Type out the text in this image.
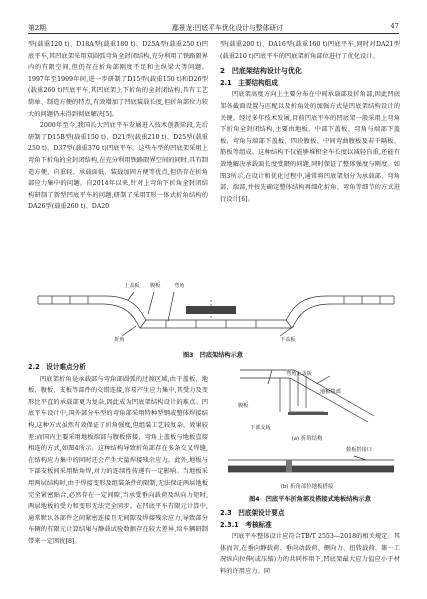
第2期	鄢景龙:凹底平车优化设计与整体研讨	47

型(载重120 t)、D18A型(载重180 t)、D25A型(载重250 t)凹底平车,其凹底架采用双圆弧弯角全封闭结构,充分利用了铁路限界内的有限空间,但仍存在折角部刚度不足和主纵梁大等问题。1997年至1999年间,进一步研制了D15型(载重150 t)和D26型(载重260 t)凹底平车,其凹底架上下折角的全封闭结构,具有工艺简单、制造方便的特点,有效增加了凹底装载长度,但折角部位力较大的问题仍未得到彻底解决[5]。

2000年至今,我国长大凹底平车发展进入技术创新阶段,先后研制了D15B型(载重150 t)、D21型(载重210 t)、D25型(载重250 t)、D37型(载重370 t)凹底平车。这些车型的凹底架采用上弯角下折角的全封闭结构,在充分利用铁路限界空间的同时,具有制造方便、自重轻、承载面低、装载加固方便等优点,但仍存在折角部应力集中的问题。自2014年以来,针对上弯角下折角全封闭结构研制了新型凹底平车的问题,研制了采用T形一体式折角结构的DA26型(载重260 t)、DA20

型(载重200 t)、DA16型(载重160 t)凹底平车,同时对DA21型(载重210 t)凹底平车的凹底架折角部位进行了优化设计。

2　凹底架结构设计与优化

2.1　主要结构组成

凹底架高度方向上主要分布在中间承载部及折角部,因此凹底架各截面设置与匹配以及折角处的加强方式是凹底架结构设计的关键。经过多年技术发展,目前凹底平车的凹底架一般采用上弯角下折角全封闭结构,主要由地板、中部下盖板、弯角与端部下盖板、弯角与端部下盖板、四块腹板、中间弯曲腹板及若干隔板、筋板等组成。这种结构不仅能够堆积全车长度以减轻自重,还能有效地解决承载面长度受限的问题,同时保证了整体强度与刚度。如图3所示,在设计和优化过程中,通常将凹底架划分为承载部、弯角部、端部,并按先确定整体结构再细化折角、弯角等细节的方式进行设计[6]。

上盖板 腹板	弯角
折角	下盖板
图3　凹底架结构示意

2.2　设计难点分析

凹底架折角是承载部与弯角部圆弧的过渡区域,由于盖板、地板、腹板、支板等部件的交错连接,容易产生应力集中,其受力及变形比平直的承载部更为复杂,因此成为凹底架结构设计的难点。凹底平车设计中,国外部分车型的弯角部采用特种型钢或整体焊接结构,这种方式虽然有效保证了折角强度,但组装工艺较复杂、效果较差;而国内主要采用地板端部与腹板搭接、弯角上盖板与地板直接相连的方式,如图4所示。这种结构导致折角部存在多条交叉焊缝,在结构应力集中的同时还会产生大量焊接残余应力。此外,地板与下部支板间采用贴角焊,对力的连续性传递有一定影响。当地板采用两层结构时,由于焊接变形及组装条件的限制,无法保证两层地板完全紧密贴合,必然存在一定间隙,当承受垂向载荷及纵向力矩时,两层地板的受力和变形无法完全同步。在凹底平车有限元计算中,通常默认各部件之间紧密连接且无间隙及焊接残余应力,导致部分车辆的有限元计算结果与静载试验数据存在较大差异,给车辆研制带来一定困扰[8]。

弯角上盖板
地板端部
腹板
下部支板
(a) 折角结构
数板搭接口
(b) 折角部位地板搭接
图4　凹底平车折角部及搭接式地板结构示意

2.3　凹底架设计要点

2.3.1　考核标准

凹底平车整体设计应符合TB/T 2553—2018的相关规定。其体而言,在垂向静载荷、垂向动载荷、侧向力、扭转载荷、第一工况纵向拉伸(或压缩)力的共同作用下,凹底架最大应力值应小于材料的许用应力。同
